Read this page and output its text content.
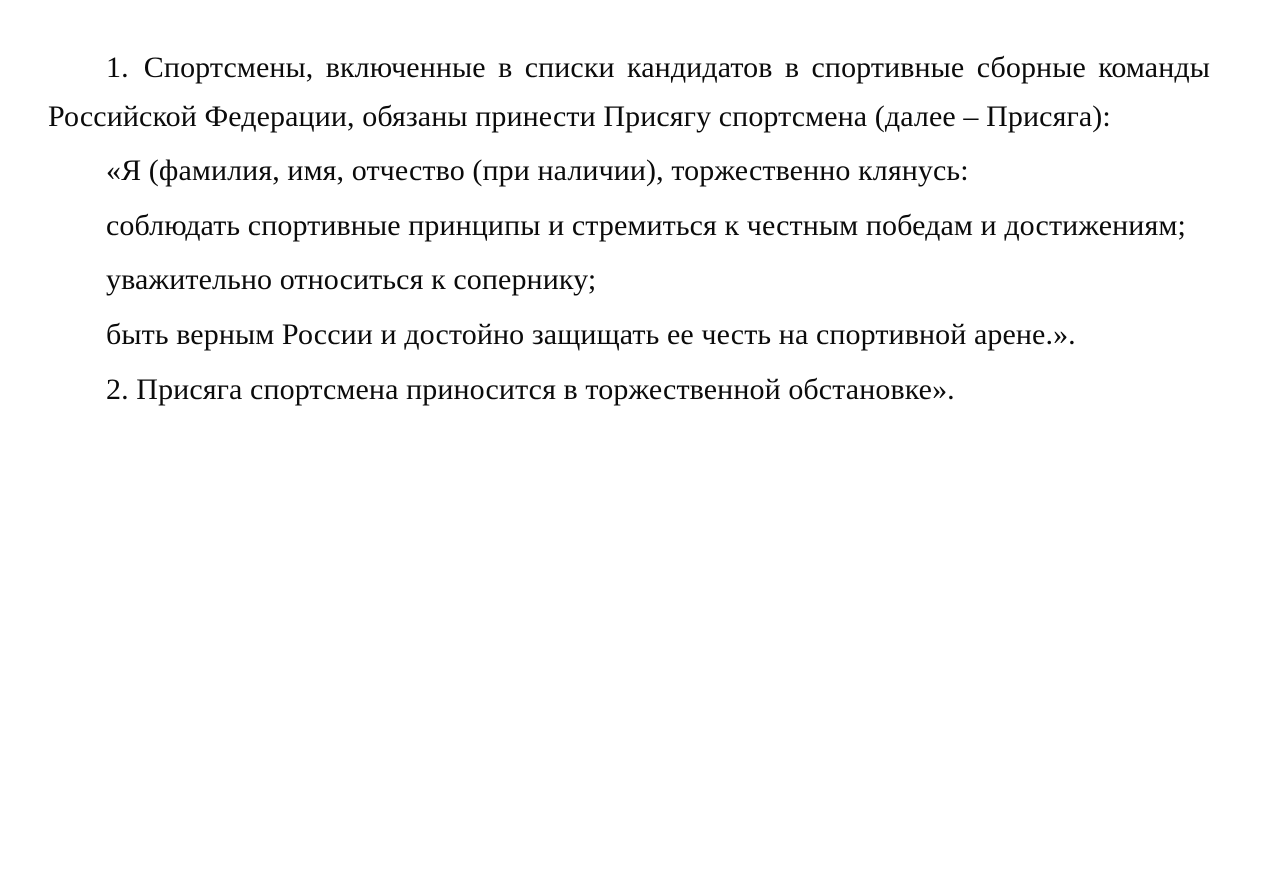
1. Спортсмены, включенные в списки кандидатов в спортивные сборные команды Российской Федерации, обязаны принести Присягу спортсмена (далее – Присяга):

«Я (фамилия, имя, отчество (при наличии), торжественно клянусь:

соблюдать спортивные принципы и стремиться к честным победам и достижениям;

уважительно относиться к сопернику;

быть верным России и достойно защищать ее честь на спортивной арене.».

2. Присяга спортсмена приносится в торжественной обстановке».
